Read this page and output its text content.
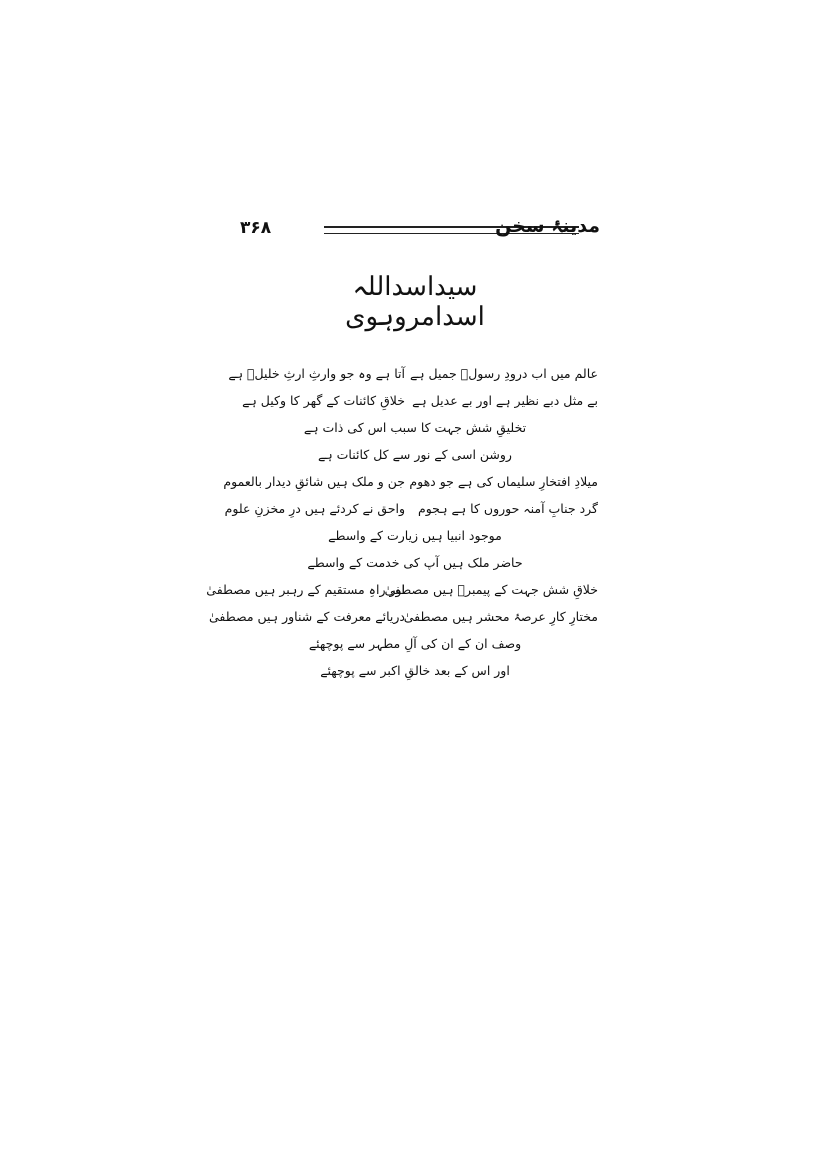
۳۶۸	مدینۂ سخن
سیداسداللہ اسدامروہوی
عالم میں اب درودِ رسولؐ جمیل ہے
آتا ہے وہ جو وارثِ ارثِ خلیلؑ ہے
بے مثل دبے نظیر ہے اور بے عدیل ہے
خلاقِ کائنات کے گھر کا وکیل ہے
تخلیقِ شش جہت کا سبب اس کی ذات ہے
روشن اسی کے نور سے کل کائنات ہے
میلادِ افتخارِ سلیماں کی ہے جو دھوم
جن و ملک ہیں شائقِ دیدار بالعموم
گرد جنابِ آمنہ حوروں کا ہے ہجوم
واحق نے کردئے ہیں درِ مخزنِ علوم
موجود انبیا ہیں زیارت کے واسطے
حاضر ملک ہیں آپ کی خدمت کے واسطے
خلاقِ شش جہت کے پیمبرؐ ہیں مصطفیٰ
اور راہِ مستقیم کے رہبر ہیں مصطفیٰ
مختارِ کارِ عرصۂ محشر ہیں مصطفیٰ
دریائے معرفت کے شناور ہیں مصطفیٰ
وصف ان کے ان کی آلِ مطہر سے پوچھئے
اور اس کے بعد خالقِ اکبر سے پوچھئے
